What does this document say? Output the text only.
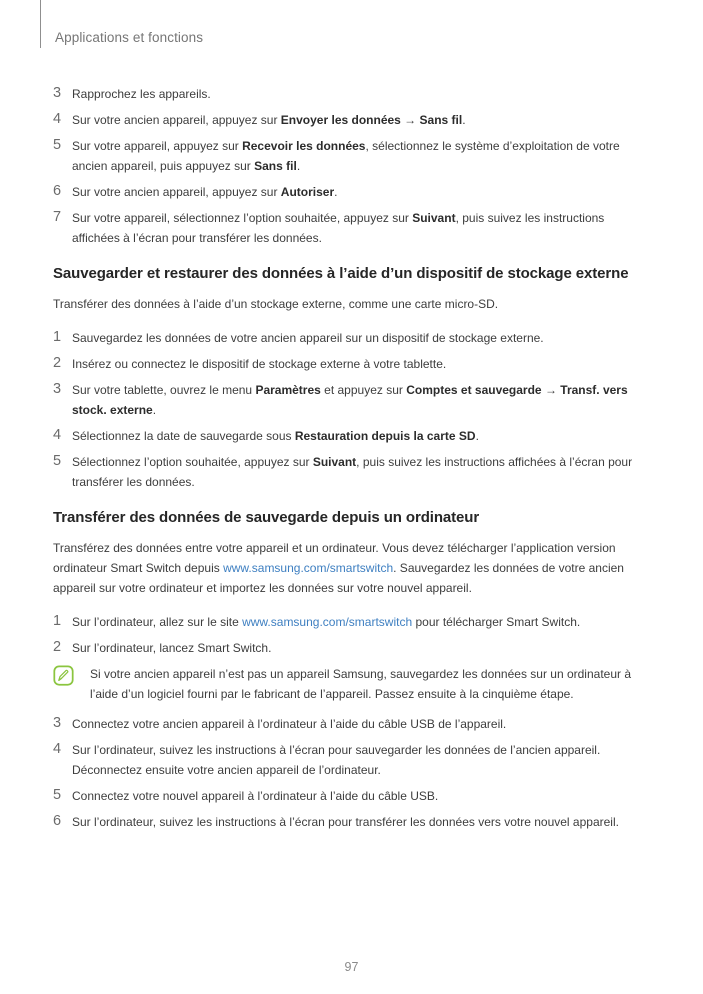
Applications et fonctions
3 Rapprochez les appareils.
4 Sur votre ancien appareil, appuyez sur Envoyer les données → Sans fil.
5 Sur votre appareil, appuyez sur Recevoir les données, sélectionnez le système d’exploitation de votre ancien appareil, puis appuyez sur Sans fil.
6 Sur votre ancien appareil, appuyez sur Autoriser.
7 Sur votre appareil, sélectionnez l’option souhaitée, appuyez sur Suivant, puis suivez les instructions affichées à l’écran pour transférer les données.
Sauvegarder et restaurer des données à l’aide d’un dispositif de stockage externe

Transférer des données à l’aide d’un stockage externe, comme une carte micro-SD.

1 Sauvegardez les données de votre ancien appareil sur un dispositif de stockage externe.
2 Insérez ou connectez le dispositif de stockage externe à votre tablette.
3 Sur votre tablette, ouvrez le menu Paramètres et appuyez sur Comptes et sauvegarde → Transf. vers stock. externe.
4 Sélectionnez la date de sauvegarde sous Restauration depuis la carte SD.
5 Sélectionnez l’option souhaitée, appuyez sur Suivant, puis suivez les instructions affichées à l’écran pour transférer les données.
Transférer des données de sauvegarde depuis un ordinateur

Transférez des données entre votre appareil et un ordinateur. Vous devez télécharger l’application version ordinateur Smart Switch depuis www.samsung.com/smartswitch. Sauvegardez les données de votre ancien appareil sur votre ordinateur et importez les données sur votre nouvel appareil.

1 Sur l’ordinateur, allez sur le site www.samsung.com/smartswitch pour télécharger Smart Switch.
2 Sur l’ordinateur, lancez Smart Switch.
Si votre ancien appareil n’est pas un appareil Samsung, sauvegardez les données sur un ordinateur à l’aide d’un logiciel fourni par le fabricant de l’appareil. Passez ensuite à la cinquième étape.
3 Connectez votre ancien appareil à l’ordinateur à l’aide du câble USB de l’appareil.
4 Sur l’ordinateur, suivez les instructions à l’écran pour sauvegarder les données de l’ancien appareil. Déconnectez ensuite votre ancien appareil de l’ordinateur.
5 Connectez votre nouvel appareil à l’ordinateur à l’aide du câble USB.
6 Sur l’ordinateur, suivez les instructions à l’écran pour transférer les données vers votre nouvel appareil.
97
